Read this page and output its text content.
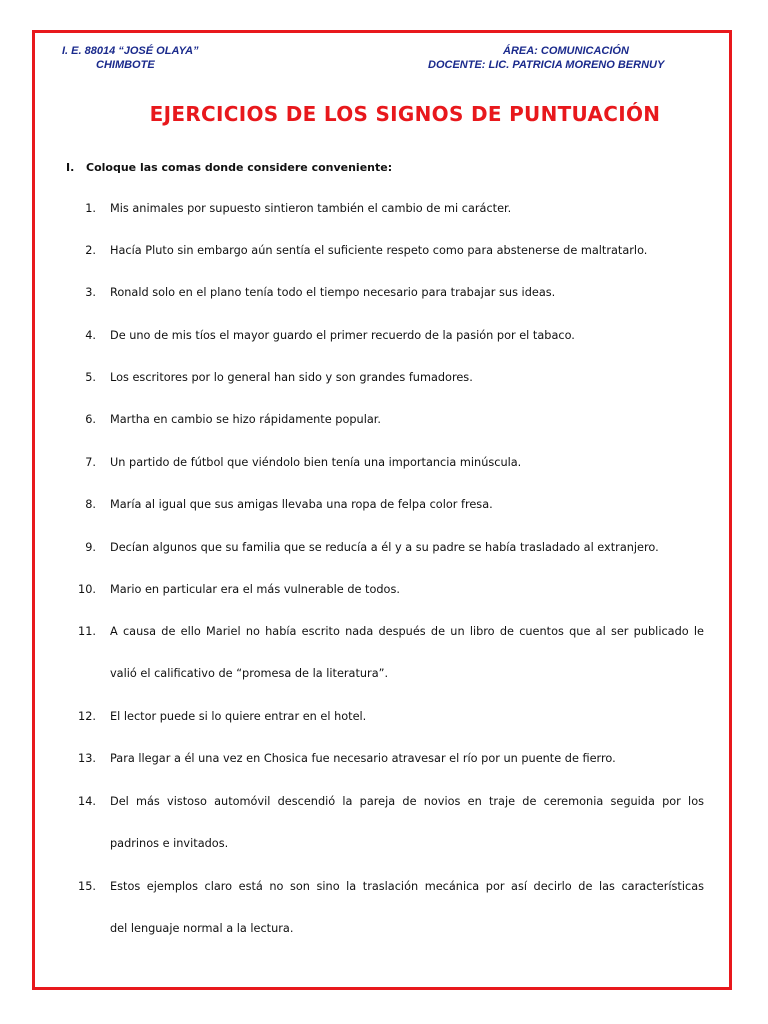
I. E. 88014 “JOSÉ OLAYA”
CHIMBOTE
ÁREA: COMUNICACIÓN
DOCENTE: LIC. PATRICIA MORENO BERNUY
EJERCICIOS DE LOS SIGNOS DE PUNTUACIÓN
I. Coloque las comas donde considere conveniente:
1. Mis animales por supuesto sintieron también el cambio de mi carácter.
2. Hacía Pluto sin embargo aún sentía el suficiente respeto como para abstenerse de maltratarlo.
3. Ronald solo en el plano tenía todo el tiempo necesario para trabajar sus ideas.
4. De uno de mis tíos el mayor guardo el primer recuerdo de la pasión por el tabaco.
5. Los escritores por lo general han sido y son grandes fumadores.
6. Martha en cambio se hizo rápidamente popular.
7. Un partido de fútbol que viéndolo bien tenía una importancia minúscula.
8. María al igual que sus amigas llevaba una ropa de felpa color fresa.
9. Decían algunos que su familia que se reducía a él y a su padre se había trasladado al extranjero.
10. Mario en particular era el más vulnerable de todos.
11. A causa de ello Mariel no había escrito nada después de un libro de cuentos que al ser publicado le
valió el calificativo de “promesa de la literatura”.
12. El lector puede si lo quiere entrar en el hotel.
13. Para llegar a él una vez en Chosica fue necesario atravesar el río por un puente de fierro.
14. Del más vistoso automóvil descendió la pareja de novios en traje de ceremonia seguida por los
padrinos e invitados.
15. Estos ejemplos claro está no son sino la traslación mecánica por así decirlo de las características
del lenguaje normal a la lectura.
